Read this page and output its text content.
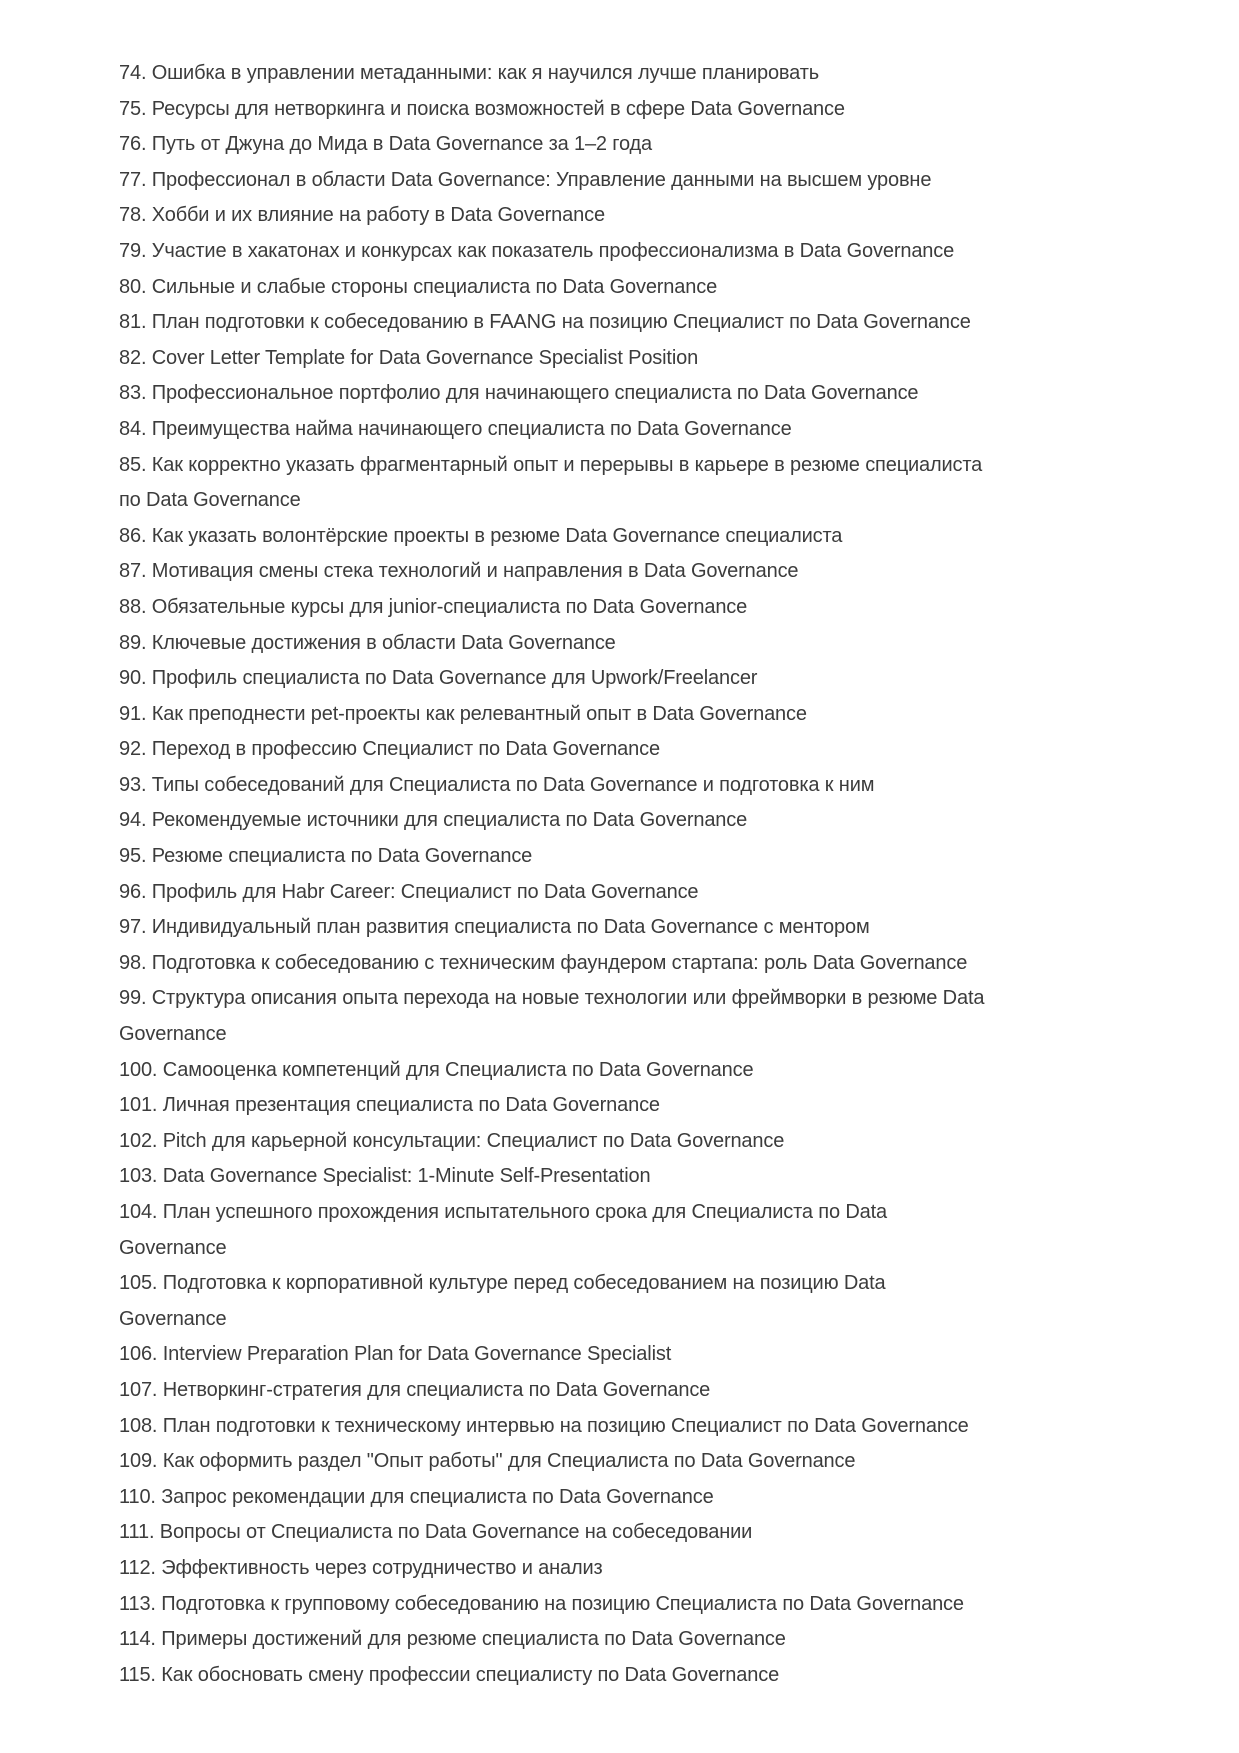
74. Ошибка в управлении метаданными: как я научился лучше планировать

75. Ресурсы для нетворкинга и поиска возможностей в сфере Data Governance

76. Путь от Джуна до Мида в Data Governance за 1–2 года

77. Профессионал в области Data Governance: Управление данными на высшем уровне

78. Хобби и их влияние на работу в Data Governance

79. Участие в хакатонах и конкурсах как показатель профессионализма в Data Governance

80. Сильные и слабые стороны специалиста по Data Governance

81. План подготовки к собеседованию в FAANG на позицию Специалист по Data Governance

82. Cover Letter Template for Data Governance Specialist Position

83. Профессиональное портфолио для начинающего специалиста по Data Governance

84. Преимущества найма начинающего специалиста по Data Governance

85. Как корректно указать фрагментарный опыт и перерывы в карьере в резюме специалиста
по Data Governance

86. Как указать волонтёрские проекты в резюме Data Governance специалиста

87. Мотивация смены стека технологий и направления в Data Governance

88. Обязательные курсы для junior-специалиста по Data Governance

89. Ключевые достижения в области Data Governance

90. Профиль специалиста по Data Governance для Upwork/Freelancer

91. Как преподнести pet-проекты как релевантный опыт в Data Governance

92. Переход в профессию Специалист по Data Governance

93. Типы собеседований для Специалиста по Data Governance и подготовка к ним

94. Рекомендуемые источники для специалиста по Data Governance

95. Резюме специалиста по Data Governance

96. Профиль для Habr Career: Специалист по Data Governance

97. Индивидуальный план развития специалиста по Data Governance с ментором

98. Подготовка к собеседованию с техническим фаундером стартапа: роль Data Governance

99. Структура описания опыта перехода на новые технологии или фреймворки в резюме Data
Governance

100. Самооценка компетенций для Специалиста по Data Governance

101. Личная презентация специалиста по Data Governance

102. Pitch для карьерной консультации: Специалист по Data Governance

103. Data Governance Specialist: 1-Minute Self-Presentation

104. План успешного прохождения испытательного срока для Специалиста по Data
Governance

105. Подготовка к корпоративной культуре перед собеседованием на позицию Data
Governance

106. Interview Preparation Plan for Data Governance Specialist

107. Нетворкинг-стратегия для специалиста по Data Governance

108. План подготовки к техническому интервью на позицию Специалист по Data Governance

109. Как оформить раздел "Опыт работы" для Специалиста по Data Governance

110. Запрос рекомендации для специалиста по Data Governance

111. Вопросы от Специалиста по Data Governance на собеседовании

112. Эффективность через сотрудничество и анализ

113. Подготовка к групповому собеседованию на позицию Специалиста по Data Governance

114. Примеры достижений для резюме специалиста по Data Governance

115. Как обосновать смену профессии специалисту по Data Governance
